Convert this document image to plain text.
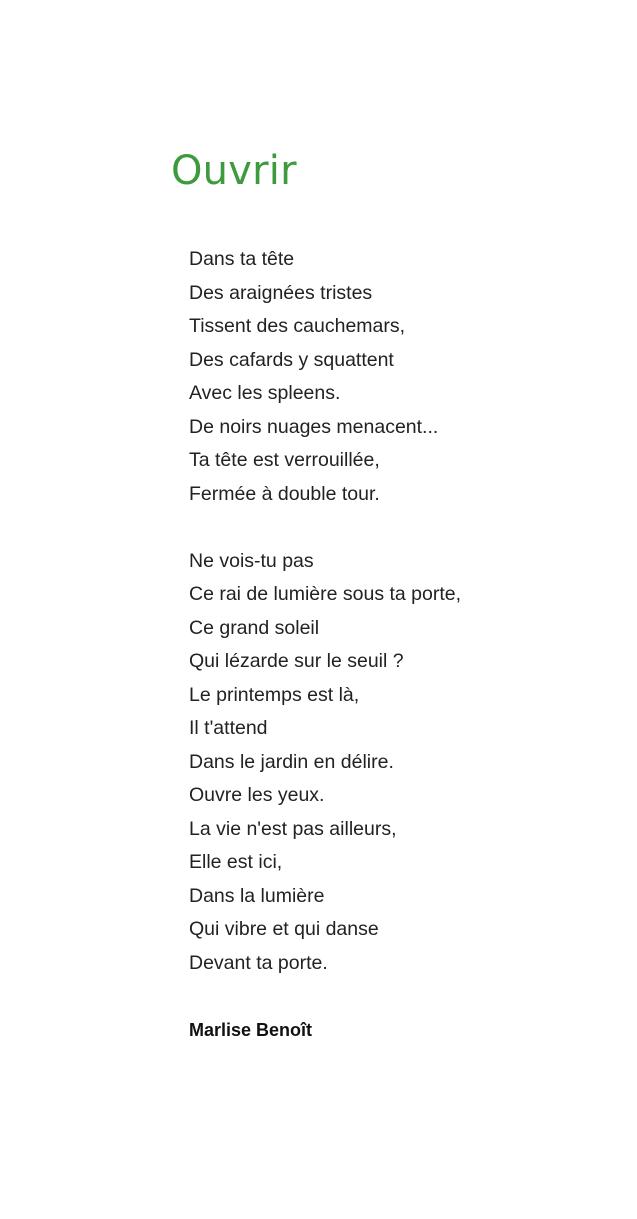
Ouvrir
Dans ta tête
Des araignées tristes
Tissent des cauchemars,
Des cafards y squattent
Avec les spleens.
De noirs nuages menacent...
Ta tête est verrouillée,
Fermée à double tour.
Ne vois-tu pas
Ce rai de lumière sous ta porte,
Ce grand soleil
Qui lézarde sur le seuil ?
Le printemps est là,
Il t'attend
Dans le jardin en délire.
Ouvre les yeux.
La vie n'est pas ailleurs,
Elle est ici,
Dans la lumière
Qui vibre et qui danse
Devant ta porte.

Marlise Benoît
